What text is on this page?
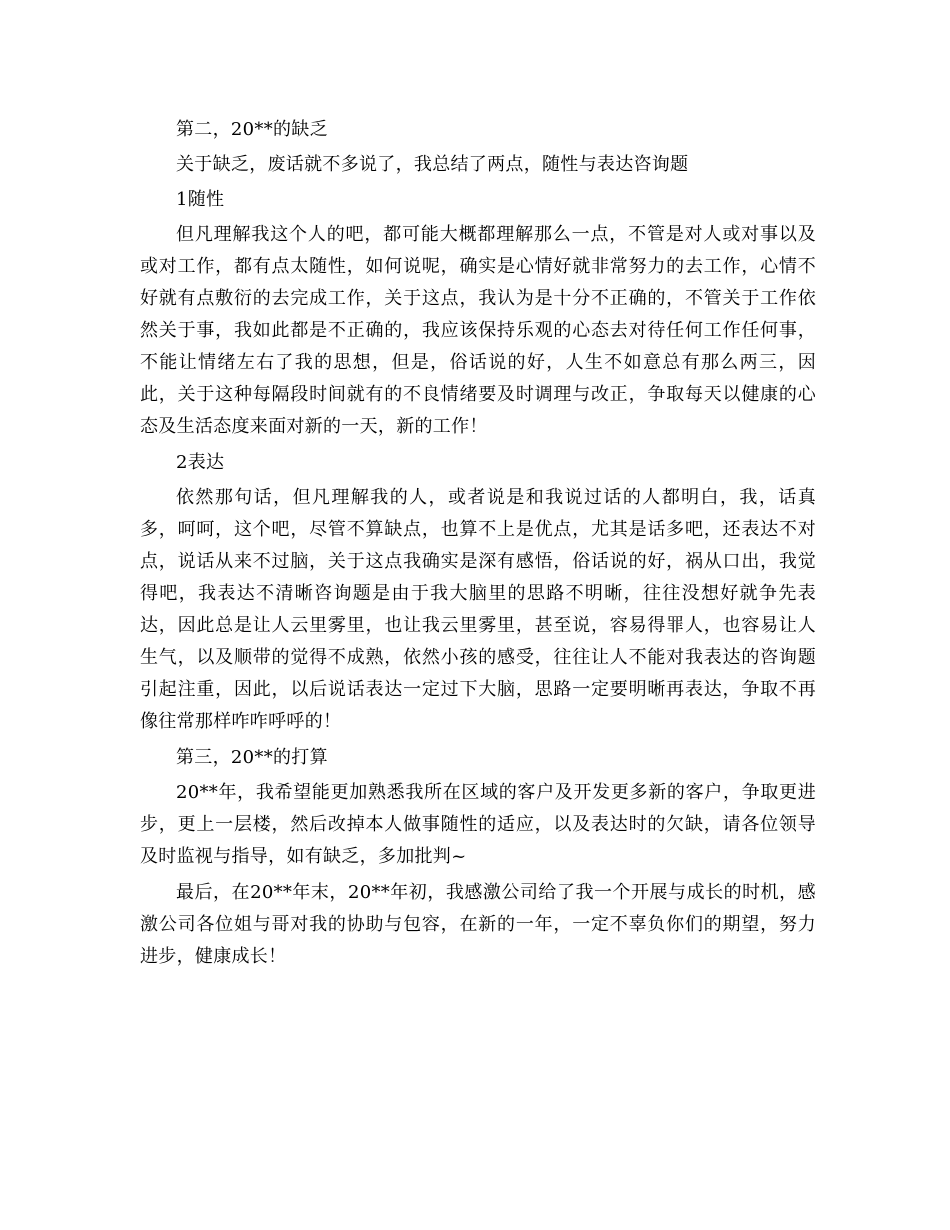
第二，20**的缺乏

关于缺乏，废话就不多说了，我总结了两点，随性与表达咨询题

1随性

但凡理解我这个人的吧，都可能大概都理解那么一点，不管是对人或对事以及或对工作，都有点太随性，如何说呢，确实是心情好就非常努力的去工作，心情不好就有点敷衍的去完成工作，关于这点，我认为是十分不正确的，不管关于工作依然关于事，我如此都是不正确的，我应该保持乐观的心态去对待任何工作任何事，不能让情绪左右了我的思想，但是，俗话说的好，人生不如意总有那么两三，因此，关于这种每隔段时间就有的不良情绪要及时调理与改正，争取每天以健康的心态及生活态度来面对新的一天，新的工作！

2表达

依然那句话，但凡理解我的人，或者说是和我说过话的人都明白，我，话真多，呵呵，这个吧，尽管不算缺点，也算不上是优点，尤其是话多吧，还表达不对点，说话从来不过脑，关于这点我确实是深有感悟，俗话说的好，祸从口出，我觉得吧，我表达不清晰咨询题是由于我大脑里的思路不明晰，往往没想好就争先表达，因此总是让人云里雾里，也让我云里雾里，甚至说，容易得罪人，也容易让人生气，以及顺带的觉得不成熟，依然小孩的感受，往往让人不能对我表达的咨询题引起注重，因此，以后说话表达一定过下大脑，思路一定要明晰再表达，争取不再像往常那样咋咋呼呼的！

第三，20**的打算

20**年，我希望能更加熟悉我所在区域的客户及开发更多新的客户，争取更进步，更上一层楼，然后改掉本人做事随性的适应，以及表达时的欠缺，请各位领导及时监视与指导，如有缺乏，多加批判~

最后，在20**年末，20**年初，我感激公司给了我一个开展与成长的时机，感激公司各位姐与哥对我的协助与包容，在新的一年，一定不辜负你们的期望，努力进步，健康成长！
